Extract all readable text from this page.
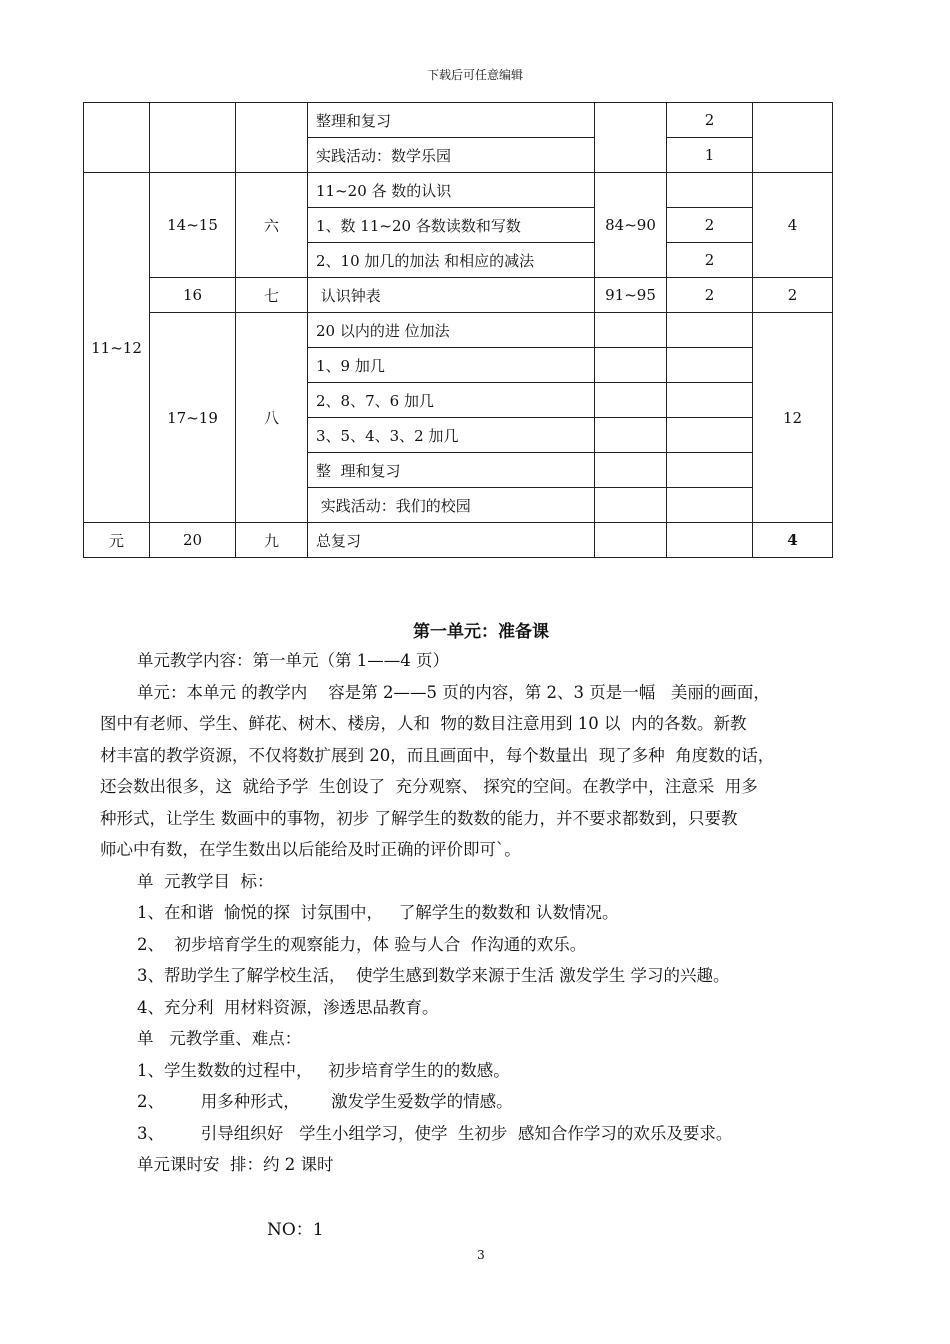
下载后可任意编辑
			整理和复习		2	
			实践活动：数学乐园		1	
11~12	14~15	六	11~20 各 数的认识	84~90		4
			1、数 11~20 各数读数和写数		2	
			2、10 加几的加法 和相应的减法		2	
	16	七	认识钟表	91~95	2	2
	17~19	八	20 以内的进 位加法			12
			1、9 加几			
			2、8、7、6 加几			
			3、5、4、3、2 加几			
			整  理和复习			
			实践活动：我们的校园			
元	20	九	总复习			4
第一单元：准备课

单元教学内容：第一单元（第 1——4 页）

单元：本单元 的教学内    容是第 2——5 页的内容，第 2、3 页是一幅   美丽的画面，

图中有老师、学生、鲜花、树木、楼房，人和  物的数目注意用到 10 以  内的各数。新教

材丰富的教学资源，不仅将数扩展到 20，而且画面中，每个数量出  现了多种  角度数的话，

还会数出很多，这  就给予学  生创设了  充分观察、 探究的空间。在教学中，注意采  用多

种形式，让学生 数画中的事物，初步 了解学生的数数的能力，并不要求都数到，只要教

师心中有数，在学生数出以后能给及时正确的评价即可`。

单  元教学目  标：

1、在和谐  愉悦的探  讨氛围中，   了解学生的数数和 认数情况。

2、  初步培育学生的观察能力，体 验与人合  作沟通的欢乐。

3、帮助学生了解学校生活，  使学生感到数学来源于生活 激发学生 学习的兴趣。

4、充分利  用材料资源，渗透思品教育。

单   元教学重、难点：

1、学生数数的过程中，   初步培育学生的的数感。

2、       用多种形式，      激发学生爱数学的情感。

3、       引导组织好   学生小组学习，使学  生初步  感知合作学习的欢乐及要求。

单元课时安  排：约 2 课时

NO：1
3
